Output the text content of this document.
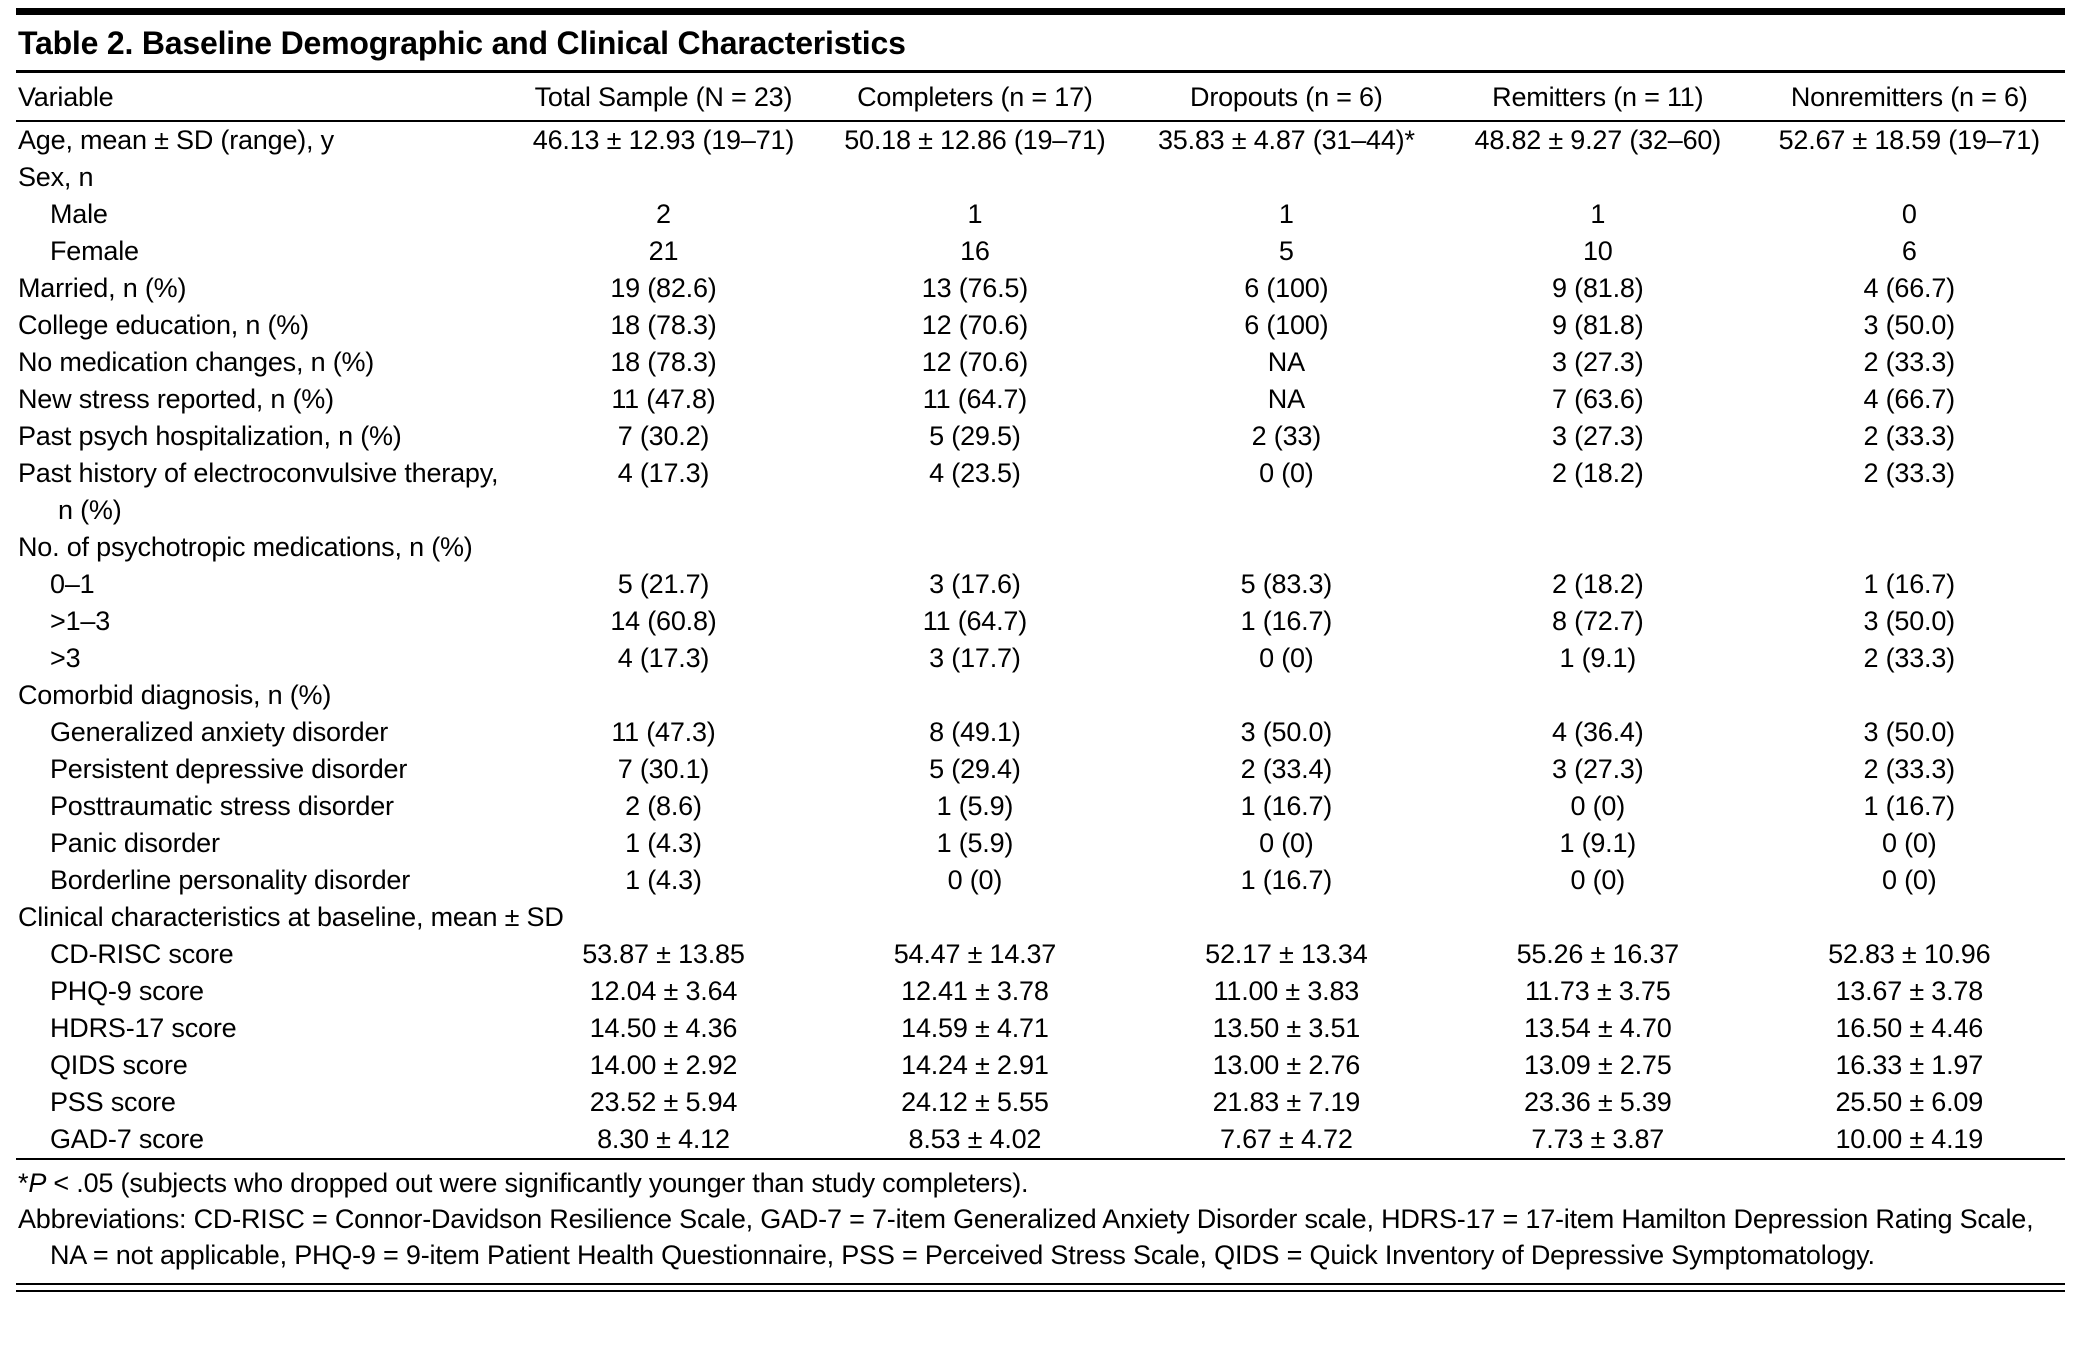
Table 2. Baseline Demographic and Clinical Characteristics
Variable	Total Sample (N = 23)	Completers (n = 17)	Dropouts (n = 6)	Remitters (n = 11)	Nonremitters (n = 6)
Age, mean ± SD (range), y	46.13 ± 12.93 (19–71)	50.18 ± 12.86 (19–71)	35.83 ± 4.87 (31–44)*	48.82 ± 9.27 (32–60)	52.67 ± 18.59 (19–71)
Sex, n					
Male	2	1	1	1	0
Female	21	16	5	10	6
Married, n (%)	19 (82.6)	13 (76.5)	6 (100)	9 (81.8)	4 (66.7)
College education, n (%)	18 (78.3)	12 (70.6)	6 (100)	9 (81.8)	3 (50.0)
No medication changes, n (%)	18 (78.3)	12 (70.6)	NA	3 (27.3)	2 (33.3)
New stress reported, n (%)	11 (47.8)	11 (64.7)	NA	7 (63.6)	4 (66.7)
Past psych hospitalization, n (%)	7 (30.2)	5 (29.5)	2 (33)	3 (27.3)	2 (33.3)
Past history of electroconvulsive therapy, n (%)	4 (17.3)	4 (23.5)	0 (0)	2 (18.2)	2 (33.3)
No. of psychotropic medications, n (%)					
0–1	5 (21.7)	3 (17.6)	5 (83.3)	2 (18.2)	1 (16.7)
>1–3	14 (60.8)	11 (64.7)	1 (16.7)	8 (72.7)	3 (50.0)
>3	4 (17.3)	3 (17.7)	0 (0)	1 (9.1)	2 (33.3)
Comorbid diagnosis, n (%)					
Generalized anxiety disorder	11 (47.3)	8 (49.1)	3 (50.0)	4 (36.4)	3 (50.0)
Persistent depressive disorder	7 (30.1)	5 (29.4)	2 (33.4)	3 (27.3)	2 (33.3)
Posttraumatic stress disorder	2 (8.6)	1 (5.9)	1 (16.7)	0 (0)	1 (16.7)
Panic disorder	1 (4.3)	1 (5.9)	0 (0)	1 (9.1)	0 (0)
Borderline personality disorder	1 (4.3)	0 (0)	1 (16.7)	0 (0)	0 (0)
Clinical characteristics at baseline, mean ± SD					
CD-RISC score	53.87 ± 13.85	54.47 ± 14.37	52.17 ± 13.34	55.26 ± 16.37	52.83 ± 10.96
PHQ-9 score	12.04 ± 3.64	12.41 ± 3.78	11.00 ± 3.83	11.73 ± 3.75	13.67 ± 3.78
HDRS-17 score	14.50 ± 4.36	14.59 ± 4.71	13.50 ± 3.51	13.54 ± 4.70	16.50 ± 4.46
QIDS score	14.00 ± 2.92	14.24 ± 2.91	13.00 ± 2.76	13.09 ± 2.75	16.33 ± 1.97
PSS score	23.52 ± 5.94	24.12 ± 5.55	21.83 ± 7.19	23.36 ± 5.39	25.50 ± 6.09
GAD-7 score	8.30 ± 4.12	8.53 ± 4.02	7.67 ± 4.72	7.73 ± 3.87	10.00 ± 4.19

*P < .05 (subjects who dropped out were significantly younger than study completers).

Abbreviations: CD-RISC = Connor-Davidson Resilience Scale, GAD-7 = 7-item Generalized Anxiety Disorder scale, HDRS-17 = 17-item Hamilton Depression Rating Scale, NA = not applicable, PHQ-9 = 9-item Patient Health Questionnaire, PSS = Perceived Stress Scale, QIDS = Quick Inventory of Depressive Symptomatology.
